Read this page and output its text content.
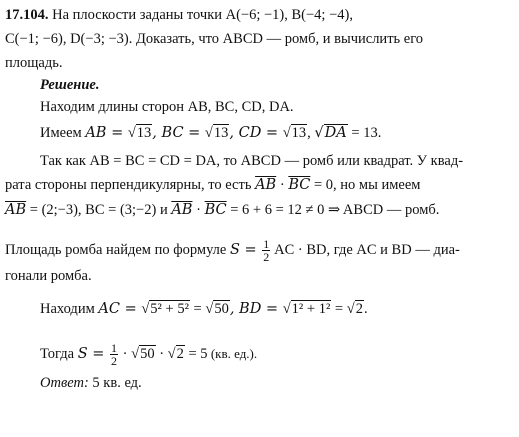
17.104. На плоскости заданы точки A(−6; −1), B(−4; −4),
C(−1; −6), D(−3; −3). Доказать, что ABCD — ромб, и вычислить его
площадь.
Решение.
Находим длины сторон AB, BC, CD, DA.
Имеем AB = √13, BC = √13, CD = √13, √DA = 13.
Так как AB = BC = CD = DA, то ABCD — ромб или квадрат. У квад-
рата стороны перпендикулярны, то есть $\overline{AB} \cdot \overline{BC} = 0$, но мы имеем
$\overline{AB}$ = (2;−3), BC = (3;−2) и $\overline{AB} \cdot \overline{BC} = 6 + 6 = 12 \ne 0$ ⇒ ABCD — ромб.
Площадь ромба найдем по формуле $S = \frac{1}{2}$ AC · BD, где AC и BD — диа-
гонали ромба.
Находим AC = √5² + 5² = √50, BD = √1² + 1² = √2.
Тогда $S = \frac{1}{2} \cdot √50 \cdot √2 = 5$ (кв. ед.).
Ответ: 5 кв. ед.
